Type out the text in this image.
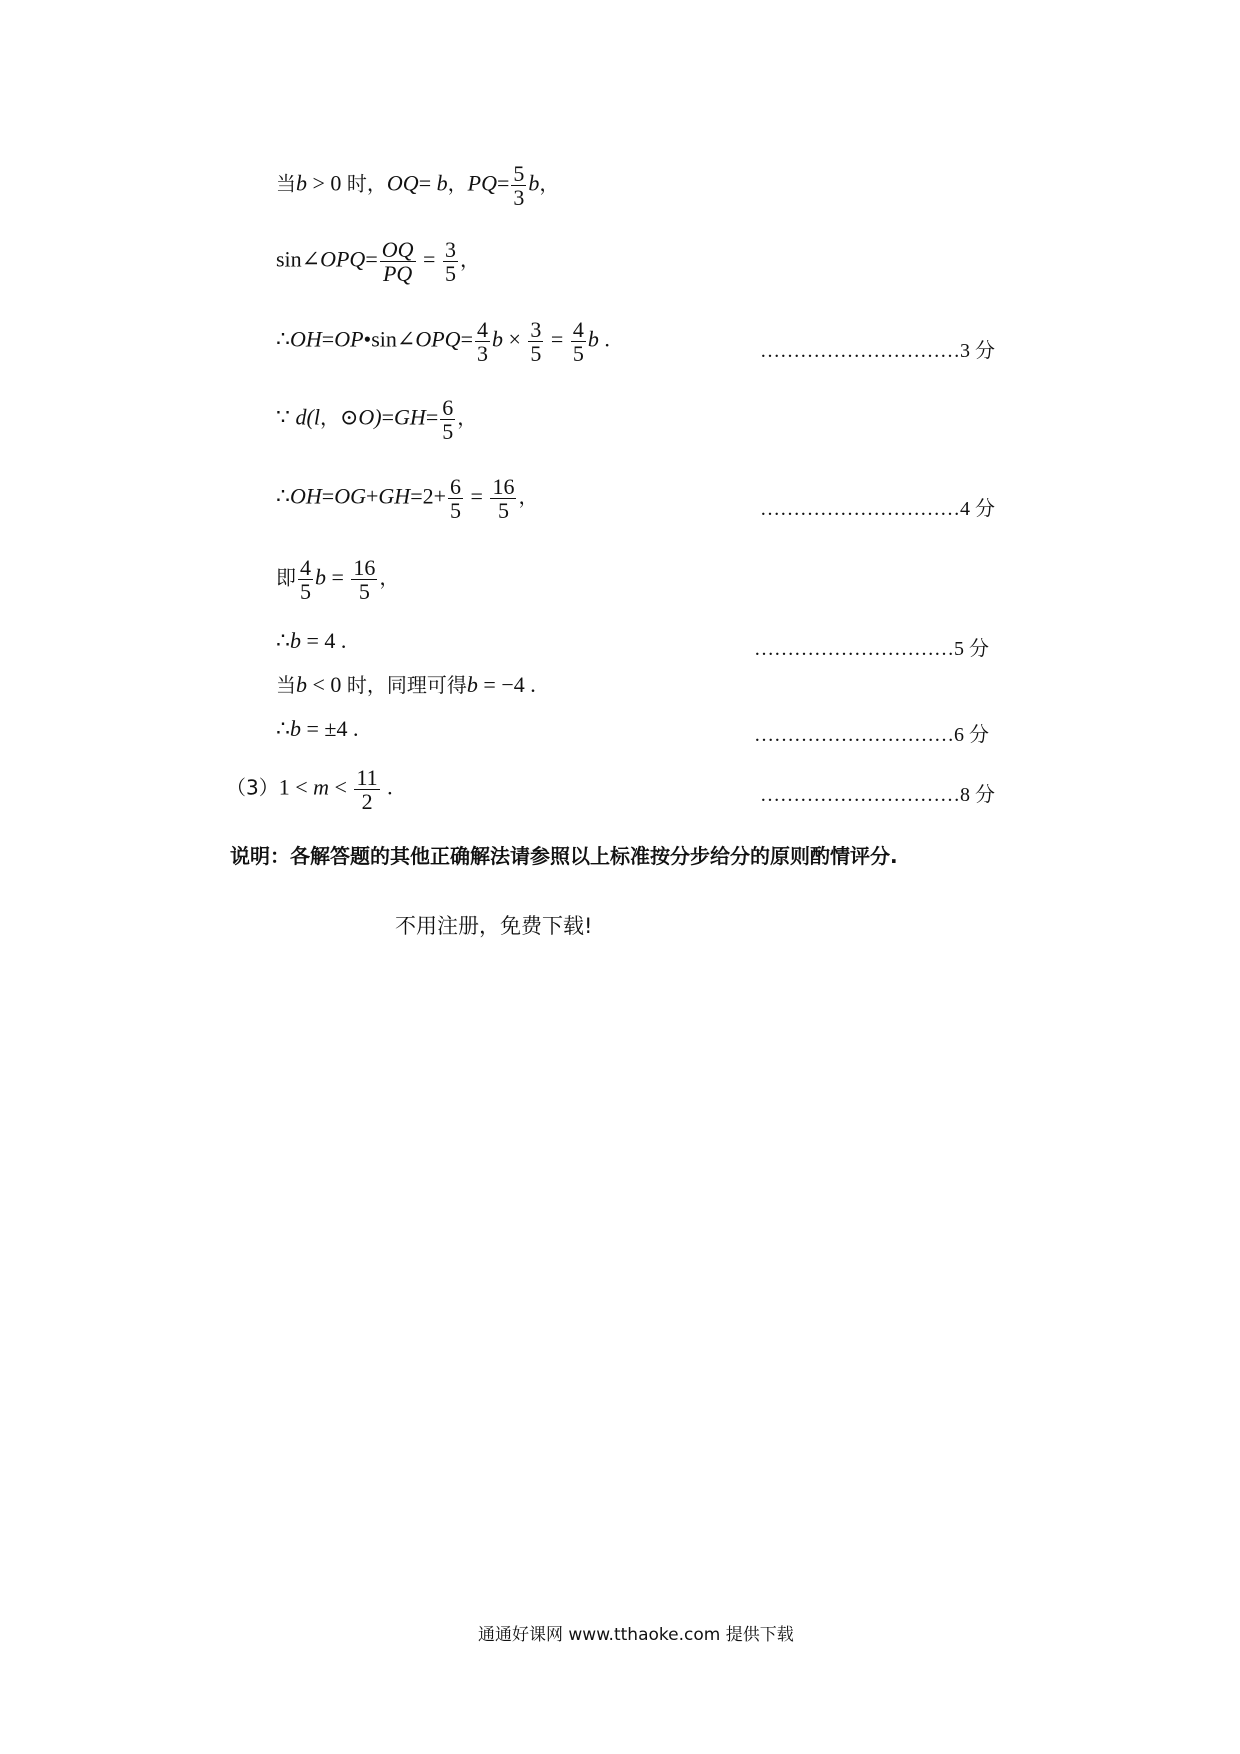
当b > 0 时，OQ= b，$PQ= \frac{5}{3}$ b，
sin∠OPQ= $\frac{OQ}{PQ} = \frac{3}{5}$ ，
∴OH=OP•sin∠OPQ= $\frac{4}{3}$ $b \times \frac{3}{5} = \frac{4}{5}$ b .	…………………………3 分
∵ d(l，⊙O)=GH= $\frac{6}{5}$ ，
∴OH=OG+GH=2+ $\frac{6}{5} = \frac{16}{5}$ ，
…………………………4 分
即 $\frac{4}{5}$ $b = \frac{16}{5}$ ，
∴b = 4 .	…………………………5 分
当b < 0 时，同理可得b = −4 .
∴b = ±4 .	…………………………6 分
$(3)1 < m < \frac{11}{2}$ .	…………………………8 分
说明：各解答题的其他正确解法请参照以上标准按分步给分的原则酌情评分.
不用注册，免费下载!
通通好课网 www.tthaoke.com 提供下载
